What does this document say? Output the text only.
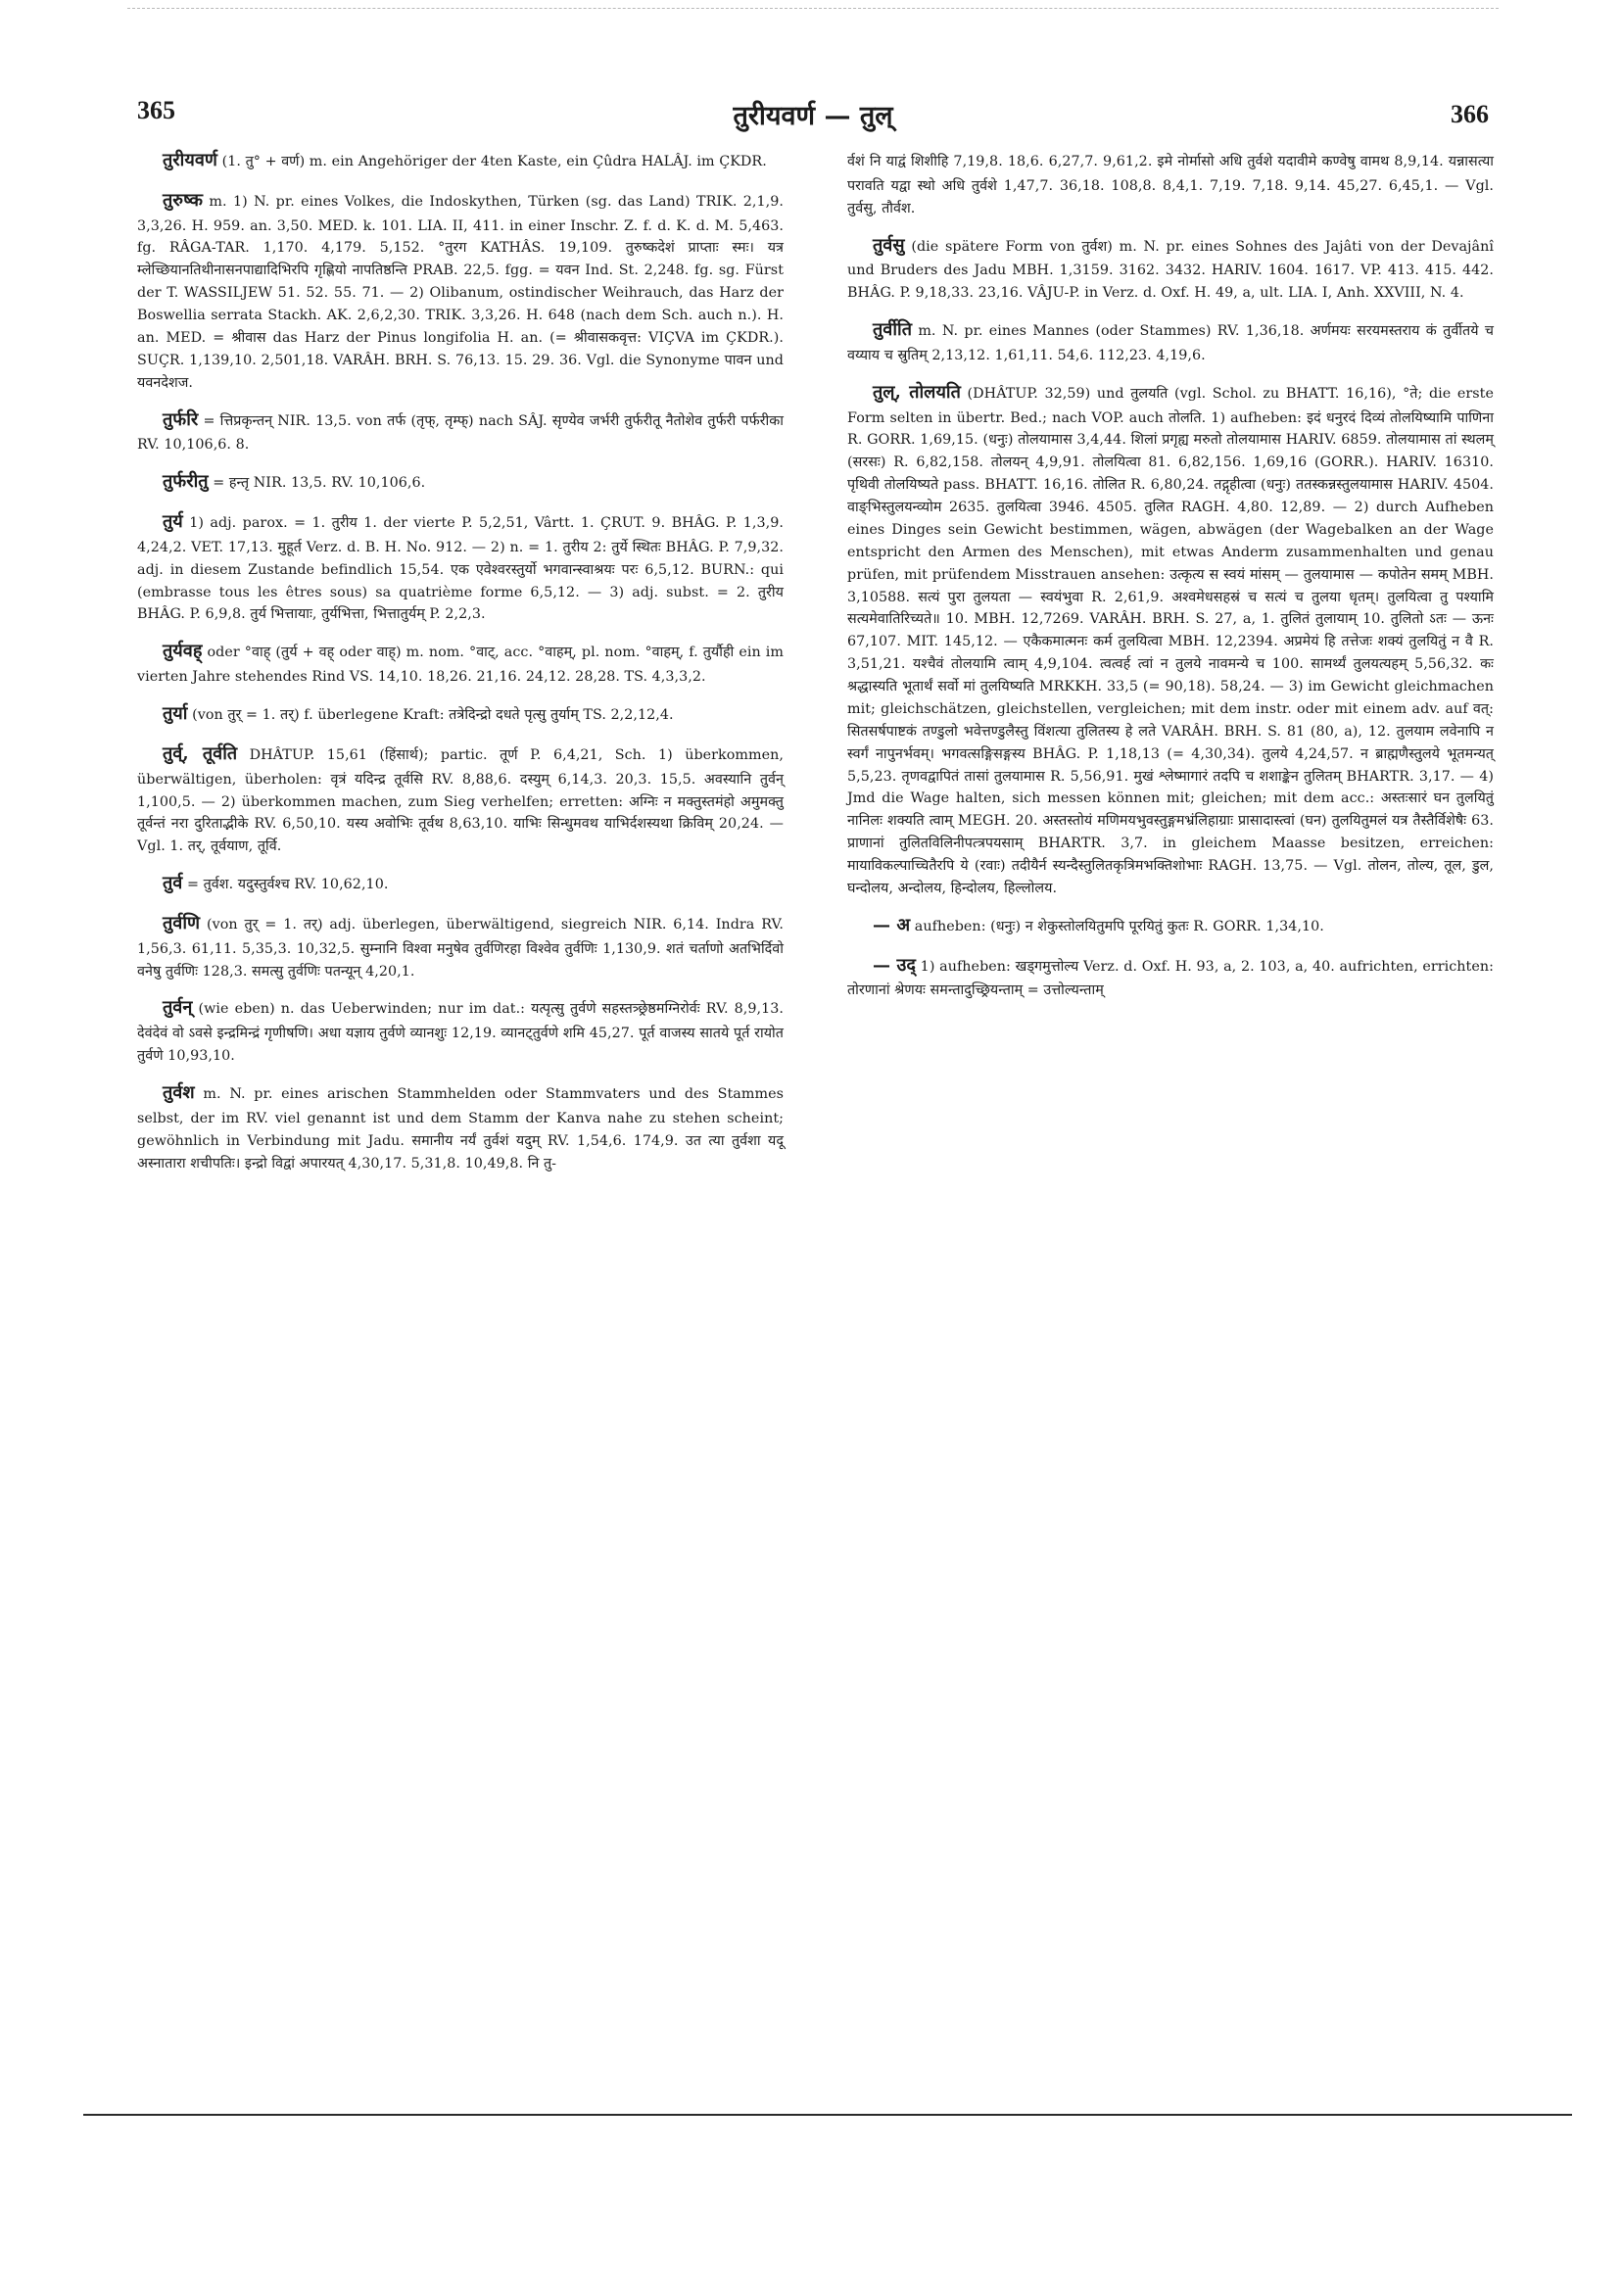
365	तुरीयवर्ण — तुल्	366

तुरीयवर्ण (1. तु° + वर्ण) m. ein Angehöriger der 4ten Kaste, ein Çûdra HALÂJ. im ÇKDR.

तुरुष्क m. 1) N. pr. eines Volkes, die Indoskythen, Türken (sg. das Land) TRIK. 2,1,9. 3,3,26. H. 959. an. 3,50. MED. k. 101. LIA. II, 411. in einer Inschr. Z. f. d. K. d. M. 5,463. fg. RÂGA-TAR. 1,170. 4,179. 5,152. °तुरग KATHÂS. 19,109. तुरुष्कदेशं प्राप्ताः स्मः। यत्र म्लेच्छियानतिथीनासनपाद्यादिभिरपि गृह्णियो नापतिष्ठन्ति PRAB. 22,5. fgg. = यवन Ind. St. 2,248. fg. sg. Fürst der T. WASSILJEW 51. 52. 55. 71. — 2) Olibanum, ostindischer Weihrauch, das Harz der Boswellia serrata Stackh. AK. 2,6,2,30. TRIK. 3,3,26. H. 648 (nach dem Sch. auch n.). H. an. MED. = श्रीवास das Harz der Pinus longifolia H. an. (= श्रीवासकवृत्त: VIÇVA im ÇKDR.). SUÇR. 1,139,10. 2,501,18. VARÂH. BRH. S. 76,13. 15. 29. 36. Vgl. die Synonyme पावन und यवनदेशज.

तुर्फरि = त्तिप्रकृन्तन् NIR. 13,5. von तर्फ (तृफ्, तृम्फ्) nach SÂJ. सृण्येव जर्भरी तुर्फरीतू नैतोशेव तुर्फरी पर्फरीका RV. 10,106,6. 8.

तुर्फरीतु = हन्तृ NIR. 13,5. RV. 10,106,6.

तुर्य 1) adj. parox. = 1. तुरीय 1. der vierte P. 5,2,51, Vârtt. 1. ÇRUT. 9. BHÂG. P. 1,3,9. 4,24,2. VET. 17,13. मुहूर्त Verz. d. B. H. No. 912. — 2) n. = 1. तुरीय 2: तुर्ये स्थितः BHÂG. P. 7,9,32. adj. in diesem Zustande befindlich 15,54. एक एवेश्वरस्तुर्यो भगवान्स्वाश्रयः परः 6,5,12. BURN.: qui (embrasse tous les êtres sous) sa quatrième forme 6,5,12. — 3) adj. subst. = 2. तुरीय BHÂG. P. 6,9,8. तुर्य भित्तायाः, तुर्यभित्ता, भित्तातुर्यम् P. 2,2,3.

तुर्यवह् oder °वाह् (तुर्य + वह् oder वाह्) m. nom. °वाट्, acc. °वाहम्, pl. nom. °वाहम्, f. तुर्यौही ein im vierten Jahre stehendes Rind VS. 14,10. 18,26. 21,16. 24,12. 28,28. TS. 4,3,3,2.

तुर्या (von तुर् = 1. तर्) f. überlegene Kraft: तत्रेदिन्द्रो दधते पृत्सु तुर्याम् TS. 2,2,12,4.

तुर्व्, तूर्वति DHÂTUP. 15,61 (हिंसार्थ); partic. तूर्ण P. 6,4,21, Sch. 1) überkommen, überwältigen, überholen: वृत्रं यदिन्द्र तूर्वसि RV. 8,88,6. दस्युम् 6,14,3. 20,3. 15,5. अवस्यानि तुर्वन् 1,100,5. — 2) überkommen machen, zum Sieg verhelfen; erretten: अग्निः न मक्तुस्तमंहो अमुमक्तु तूर्वन्तं नरा दुरिताद्भीके RV. 6,50,10. यस्य अवोभिः तूर्वथ 8,63,10. याभिः सिन्धुमवथ याभिर्दशस्यथा क्रिविम् 20,24. — Vgl. 1. तर्, तूर्वयाण, तूर्वि.

तुर्व = तुर्वश. यदुस्तुर्वश्च RV. 10,62,10.

तुर्वणि (von तुर् = 1. तर्) adj. überlegen, überwältigend, siegreich NIR. 6,14. Indra RV. 1,56,3. 61,11. 5,35,3. 10,32,5. सुम्नानि विश्वा मनुषेव तुर्वणिरहा विश्वेव तुर्वणिः 1,130,9. शतं चर्ताणो अतभिर्दिवो वनेषु तुर्वणिः 128,3. समत्सु तुर्वणिः पतन्यून् 4,20,1.

तुर्वन् (wie eben) n. das Ueberwinden; nur im dat.: यत्पृत्सु तुर्वणे सहस्तत्र्छ्रेष्ठमग्निरोर्वः RV. 8,9,13. देवंदेवं वो ऽवसे इन्द्रमिन्द्रं गृणीषणि। अधा यज्ञाय तुर्वणे व्यानशुः 12,19. व्यानट्तुर्वणे शमि 45,27. पूर्त वाजस्य सातये पूर्त रायोत तुर्वणे 10,93,10.

तुर्वश m. N. pr. eines arischen Stammhelden oder Stammvaters und des Stammes selbst, der im RV. viel genannt ist und dem Stamm der Kanva nahe zu stehen scheint; gewöhnlich in Verbindung mit Jadu. समानीय नर्यं तुर्वशं यदुम् RV. 1,54,6. 174,9. उत त्या तुर्वशा यदू अस्नातारा शचीपतिः। इन्द्रो विद्वां अपारयत् 4,30,17. 5,31,8. 10,49,8. नि तु-

र्वशं नि याद्वं शिशीहि 7,19,8. 18,6. 6,27,7. 9,61,2. इमे नोर्मासो अधि तुर्वशे यदावीमे कण्वेषु वामथ 8,9,14. यन्नासत्या परावति यद्वा स्थो अधि तुर्वशे 1,47,7. 36,18. 108,8. 8,4,1. 7,19. 7,18. 9,14. 45,27. 6,45,1. — Vgl. तुर्वसु, तौर्वश.

तुर्वसु (die spätere Form von तुर्वश) m. N. pr. eines Sohnes des Jajâti von der Devajânî und Bruders des Jadu MBH. 1,3159. 3162. 3432. HARIV. 1604. 1617. VP. 413. 415. 442. BHÂG. P. 9,18,33. 23,16. VÂJU-P. in Verz. d. Oxf. H. 49, a, ult. LIA. I, Anh. XXVIII, N. 4.

तुर्वीति m. N. pr. eines Mannes (oder Stammes) RV. 1,36,18. अर्णमयः सरयमस्तराय कं तुर्वीतये च वय्याय च स्रुतिम् 2,13,12. 1,61,11. 54,6. 112,23. 4,19,6.

तुल्, तोलयति (DHÂTUP. 32,59) und तुलयति (vgl. Schol. zu BHATT. 16,16), °ते; die erste Form selten in übertr. Bed.; nach VOP. auch तोलति. 1) aufheben: इदं धनुरदं दिव्यं तोलयिष्यामि पाणिना R. GORR. 1,69,15. (धनुः) तोलयामास 3,4,44. शिलां प्रगृह्य मरुतो तोलयामास HARIV. 6859. तोलयामास तां स्थलम् (सरसः) R. 6,82,158. तोलयन् 4,9,91. तोलयित्वा 81. 6,82,156. 1,69,16 (GORR.). HARIV. 16310. पृथिवी तोलयिष्यते pass. BHATT. 16,16. तोलित R. 6,80,24. तद्गृहीत्वा (धनुः) ततस्कन्नस्तुलयामास HARIV. 4504. वाङ्भिस्तुलयन्व्योम 2635. तुलयित्वा 3946. 4505. तुलित RAGH. 4,80. 12,89. — 2) durch Aufheben eines Dinges sein Gewicht bestimmen, wägen, abwägen (der Wagebalken an der Wage entspricht den Armen des Menschen), mit etwas Anderm zusammenhalten und genau prüfen, mit prüfendem Misstrauen ansehen: उत्कृत्य स स्वयं मांसम् — तुलयामास — कपोतेन समम् MBH. 3,10588. सत्यं पुरा तुलयता — स्वयंभुवा R. 2,61,9. अश्वमेधसहस्रं च सत्यं च तुलया धृतम्। तुलयित्वा तु पश्यामि सत्यमेवातिरिच्यते॥ 10. MBH. 12,7269. VARÂH. BRH. S. 27, a, 1. तुलितं तुलायाम् 10. तुलितो ऽतः — ऊनः 67,107. MIT. 145,12. — एकैकमात्मनः कर्म तुलयित्वा MBH. 12,2394. अप्रमेयं हि तत्तेजः शक्यं तुलयितुं न वै R. 3,51,21. यश्चैवं तोलयामि त्वाम् 4,9,104. त्वत्वर्ह त्वां न तुलये नावमन्ये च 100. सामर्थ्यं तुलयत्यहम् 5,56,32. कः श्रद्धास्यति भूतार्थं सर्वो मां तुलयिष्यति MRKKH. 33,5 (= 90,18). 58,24. — 3) im Gewicht gleichmachen mit; gleichschätzen, gleichstellen, vergleichen; mit dem instr. oder mit einem adv. auf वत्: सितसर्षपाष्टकं तण्डुलो भवेत्तण्डुलैस्तु विंशत्या तुलितस्य हे लते VARÂH. BRH. S. 81 (80, a), 12. तुलयाम लवेनापि न स्वर्गं नापुनर्भवम्। भगवत्सङ्गिसङ्गस्य BHÂG. P. 1,18,13 (= 4,30,34). तुलये 4,24,57. न ब्राह्मणैस्तुलये भूतमन्यत् 5,5,23. तृणवद्वापितं तासां तुलयामास R. 5,56,91. मुखं श्लेष्मागारं तदपि च शशाङ्केन तुलितम् BHARTR. 3,17. — 4) Jmd die Wage halten, sich messen können mit; gleichen; mit dem acc.: अस्तःसारं घन तुलयितुं नानिलः शक्यति त्वाम् MEGH. 20. अस्तस्तोयं मणिमयभुवस्तुङ्गमभ्रंलिहाग्राः प्रासादास्त्वां (घन) तुलयितुमलं यत्र तैस्तैर्विशेषैः 63. प्राणानां तुलितविलिनीपत्त्रपयसाम् BHARTR. 3,7. in gleichem Maasse besitzen, erreichen: मायाविकल्पाच्चितैरपि ये (रवाः) तदीयैर्न स्यन्दैस्तुलितकृत्रिमभक्तिशोभाः RAGH. 13,75. — Vgl. तोलन, तोल्य, तूल, डुल, घन्दोलय, अन्दोलय, हिन्दोलय, हिल्लोलय.

— अ aufheben: (धनुः) न शेकुस्तोलयितुमपि पूरयितुं कुतः R. GORR. 1,34,10.

— उद् 1) aufheben: खड्गमुत्तोल्य Verz. d. Oxf. H. 93, a, 2. 103, a, 40. aufrichten, errichten: तोरणानां श्रेणयः समन्तादुच्छ्रियन्ताम् = उत्तोल्यन्ताम्
